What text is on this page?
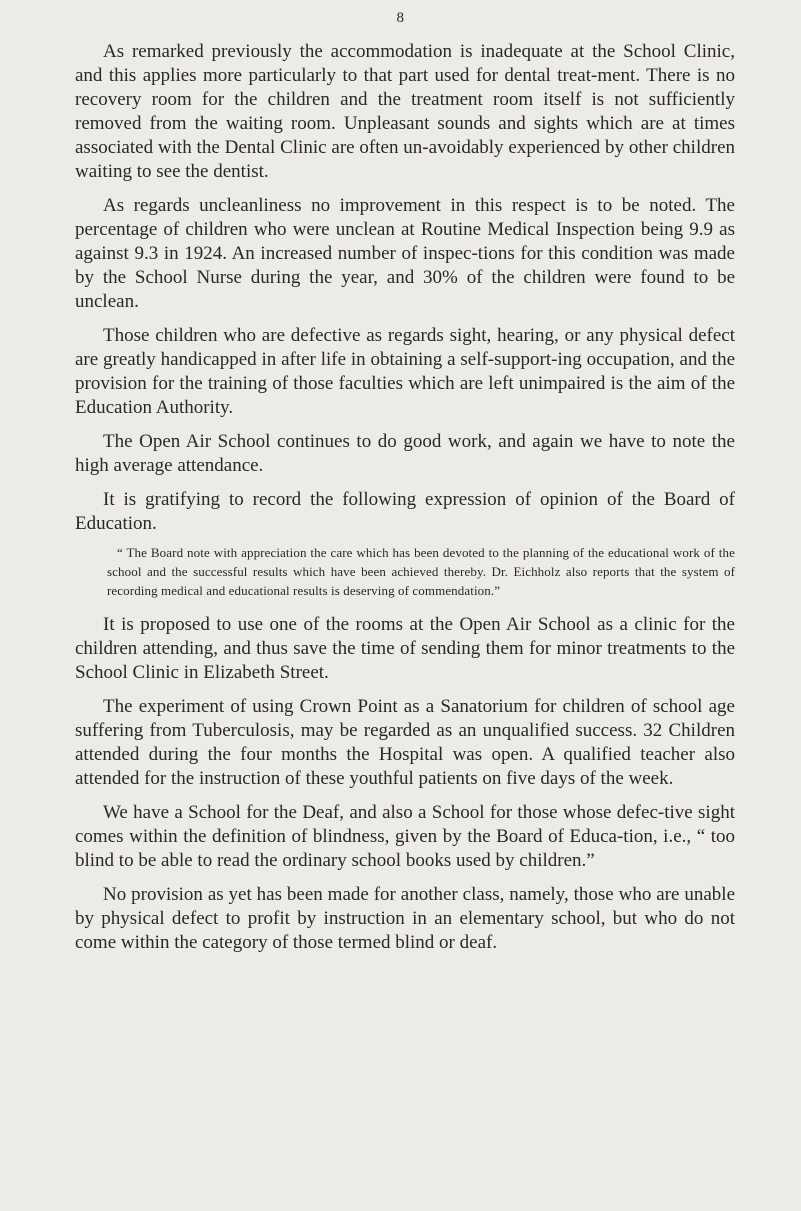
8

As remarked previously the accommodation is inadequate at the School Clinic, and this applies more particularly to that part used for dental treat-ment. There is no recovery room for the children and the treatment room itself is not sufficiently removed from the waiting room. Unpleasant sounds and sights which are at times associated with the Dental Clinic are often un-avoidably experienced by other children waiting to see the dentist.

As regards uncleanliness no improvement in this respect is to be noted. The percentage of children who were unclean at Routine Medical Inspection being 9.9 as against 9.3 in 1924. An increased number of inspec-tions for this condition was made by the School Nurse during the year, and 30% of the children were found to be unclean.

Those children who are defective as regards sight, hearing, or any physical defect are greatly handicapped in after life in obtaining a self-support-ing occupation, and the provision for the training of those faculties which are left unimpaired is the aim of the Education Authority.

The Open Air School continues to do good work, and again we have to note the high average attendance.

It is gratifying to record the following expression of opinion of the Board of Education.

“ The Board note with appreciation the care which has been devoted to the planning of the educational work of the school and the successful results which have been achieved thereby. Dr. Eichholz also reports that the system of recording medical and educational results is deserving of commendation.”

It is proposed to use one of the rooms at the Open Air School as a clinic for the children attending, and thus save the time of sending them for minor treatments to the School Clinic in Elizabeth Street.

The experiment of using Crown Point as a Sanatorium for children of school age suffering from Tuberculosis, may be regarded as an unqualified success. 32 Children attended during the four months the Hospital was open. A qualified teacher also attended for the instruction of these youthful patients on five days of the week.

We have a School for the Deaf, and also a School for those whose defec-tive sight comes within the definition of blindness, given by the Board of Educa-tion, i.e., “ too blind to be able to read the ordinary school books used by children.”

No provision as yet has been made for another class, namely, those who are unable by physical defect to profit by instruction in an elementary school, but who do not come within the category of those termed blind or deaf.
